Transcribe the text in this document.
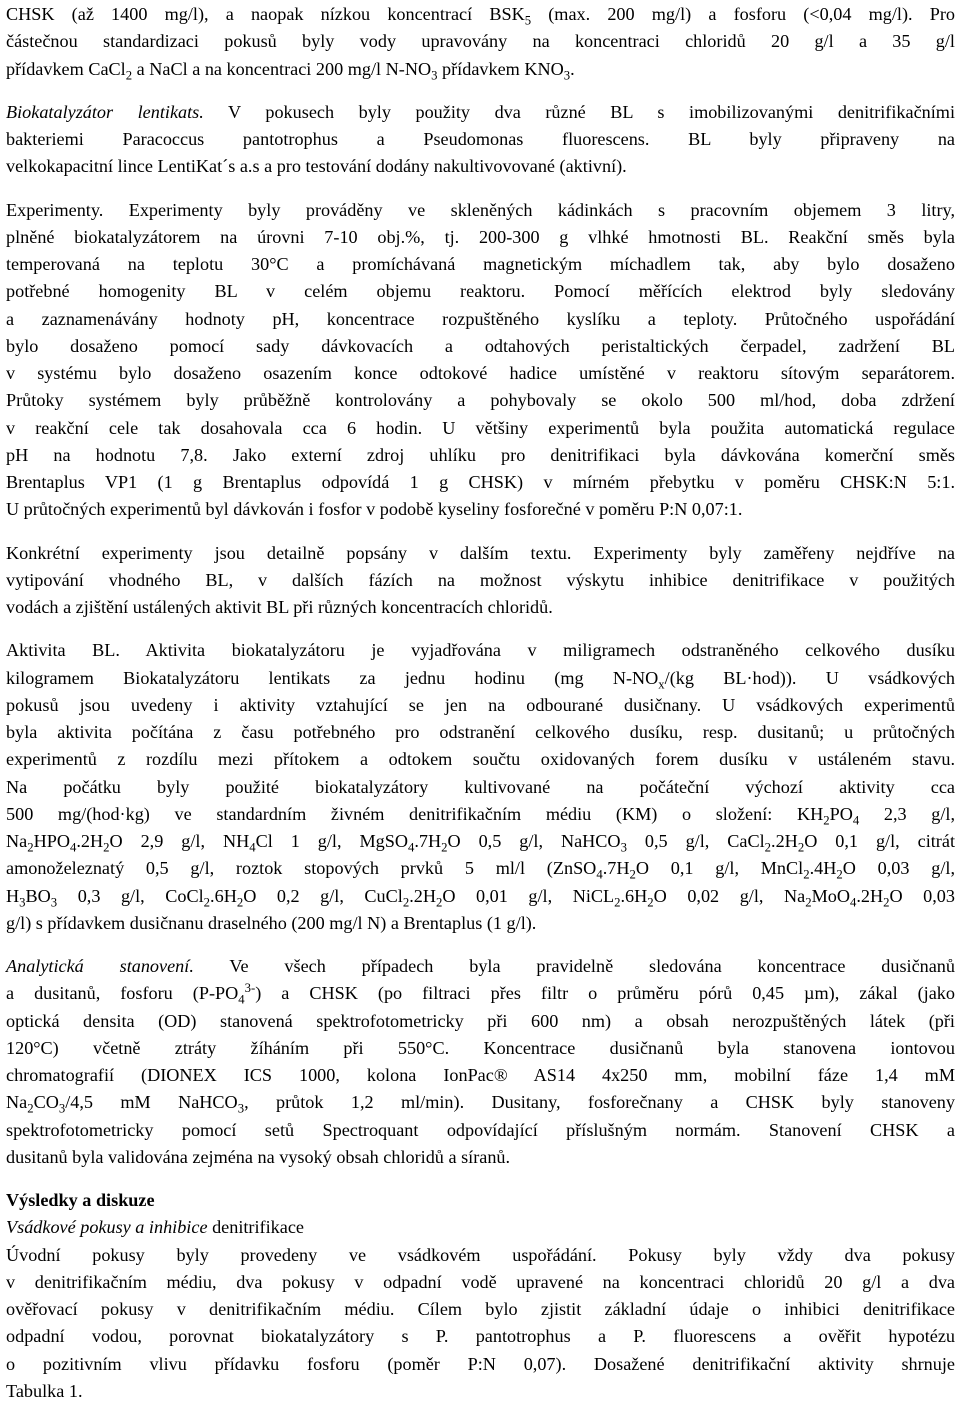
CHSK (až 1400 mg/l), a naopak nízkou koncentrací $BSK_5$ (max. 200 mg/l) a fosforu (<0,04 mg/l). Pro
částečnou standardizaci pokusů byly vody upravovány na koncentraci chloridů 20 g/l a 35 g/l
přídavkem CaCl$_2$ a NaCl a na koncentraci 200 mg/l $N-NO_3$ přídavkem $KNO_3$.
Biokatalyzátor lentikats. V pokusech byly použity dva různé BL s imobilizovanými denitrifikačními
bakteriemi Paracoccus pantotrophus a Pseudomonas fluorescens. BL byly připraveny na
velkokapacitní lince LentiKat´s a.s a pro testování dodány nakultivovované (aktivní).
Experimenty. Experimenty byly prováděny ve skleněných kádinkách s pracovním objemem 3 litry,
plněné biokatalyzátorem na úrovni 7-10 obj.%, tj. 200-300 g vlhké hmotnosti BL. Reakční směs byla
temperovaná na teplotu 30°C a promíchávaná magnetickým míchadlem tak, aby bylo dosaženo
potřebné homogenity BL v celém objemu reaktoru. Pomocí měřících elektrod byly sledovány
a zaznamenávány hodnoty pH, koncentrace rozpuštěného kyslíku a teploty. Průtočného uspořádání
bylo dosaženo pomocí sady dávkovacích a odtahových peristaltických čerpadel, zadržení BL
v systému bylo dosaženo osazením konce odtokové hadice umístěné v reaktoru sítovým separátorem.
Průtoky systémem byly průběžně kontrolovány a pohybovaly se okolo 500 ml/hod, doba zdržení
v reakční cele tak dosahovala cca 6 hodin. U většiny experimentů byla použita automatická regulace
pH na hodnotu 7,8. Jako externí zdroj uhlíku pro denitrifikaci byla dávkována komerční směs
Brentaplus VP1 (1 g Brentaplus odpovídá 1 g CHSK) v mírném přebytku v poměru CHSK:N 5:1.
U průtočných experimentů byl dávkován i fosfor v podobě kyseliny fosforečné v poměru P:N 0,07:1.
Konkrétní experimenty jsou detailně popsány v dalším textu. Experimenty byly zaměřeny nejdříve na
vytipování vhodného BL, v dalších fázích na možnost výskytu inhibice denitrifikace v použitých
vodách a zjištění ustálených aktivit BL při různých koncentracích chloridů.
Aktivita BL. Aktivita biokatalyzátoru je vyjadřována v miligramech odstraněného celkového dusíku
kilogramem Biokatalyzátoru lentikats za jednu hodinu (mg $N-NO_x/(kg$ BL·hod)). U vsádkových
pokusů jsou uvedeny i aktivity vztahující se jen na odbourané dusičnany. U vsádkových experimentů
byla aktivita počítána z času potřebného pro odstranění celkového dusíku, resp. dusitanů; u průtočných
experimentů z rozdílu mezi přítokem a odtokem součtu oxidovaných forem dusíku v ustáleném stavu.
Na počátku byly použité biokatalyzátory kultivované na počáteční výchozí aktivity cca
500 mg/(hod·kg) ve standardním živném denitrifikačním médiu (KM) o složení: $KH_2PO_4$ 2,3 g/l,
$Na_2HPO_4.2H_2O$ 2,9 g/l, $NH_4Cl$ 1 g/l, $MgSO_4.7H_2O$ 0,5 g/l, NaHCO$_3$ 0,5 g/l, $CaCl_2.2H_2O$ 0,1 g/l, citrát
amonoželeznatý 0,5 g/l, roztok stopových prvků 5 ml/l ($ZnSO_4.7H_2O$ 0,1 g/l, $MnCl_2.4H_2O$ 0,03 g/l,
$H_3BO_3$ 0,3 g/l, $CoCl_2.6H_2O$ 0,2 g/l, $CuCl_2.2H_2O$ 0,01 g/l, $NiCL_2.6H_2O$ 0,02 g/l, $Na_2MoO_4.2H_2O$ 0,03
g/l) s přídavkem dusičnanu draselného (200 mg/l N) a Brentaplus (1 g/l).
Analytická stanovení. Ve všech případech byla pravidelně sledována koncentrace dusičnanů
a dusitanů, fosforu $(P-PO_4^{3-})$ a CHSK (po filtraci přes filtr o průměru pórů 0,45 µm), zákal (jako
optická densita (OD) stanovená spektrofotometricky při 600 nm) a obsah nerozpuštěných látek (při
120°C) včetně ztráty žíháním při 550°C. Koncentrace dusičnanů byla stanovena iontovou
chromatografií (DIONEX ICS 1000, kolona IonPac® AS14 4x250 mm, mobilní fáze 1,4 mM
$Na_2CO_3/4,5$ mM NaHCO$_3$, průtok 1,2 ml/min). Dusitany, fosforečnany a CHSK byly stanoveny
spektrofotometricky pomocí setů Spectroquant odpovídající příslušným normám. Stanovení CHSK a
dusitanů byla validována zejména na vysoký obsah chloridů a síranů.
Výsledky a diskuze
Vsádkové pokusy a inhibice denitrifikace
Úvodní pokusy byly provedeny ve vsádkovém uspořádání. Pokusy byly vždy dva pokusy
v denitrifikačním médiu, dva pokusy v odpadní vodě upravené na koncentraci chloridů 20 g/l a dva
ověřovací pokusy v denitrifikačním médiu. Cílem bylo zjistit základní údaje o inhibici denitrifikace
odpadní vodou, porovnat biokatalyzátory s P. pantotrophus a P. fluorescens a ověřit hypotézu
o pozitivním vlivu přídavku fosforu (poměr P:N 0,07). Dosažené denitrifikační aktivity shrnuje
Tabulka 1.
